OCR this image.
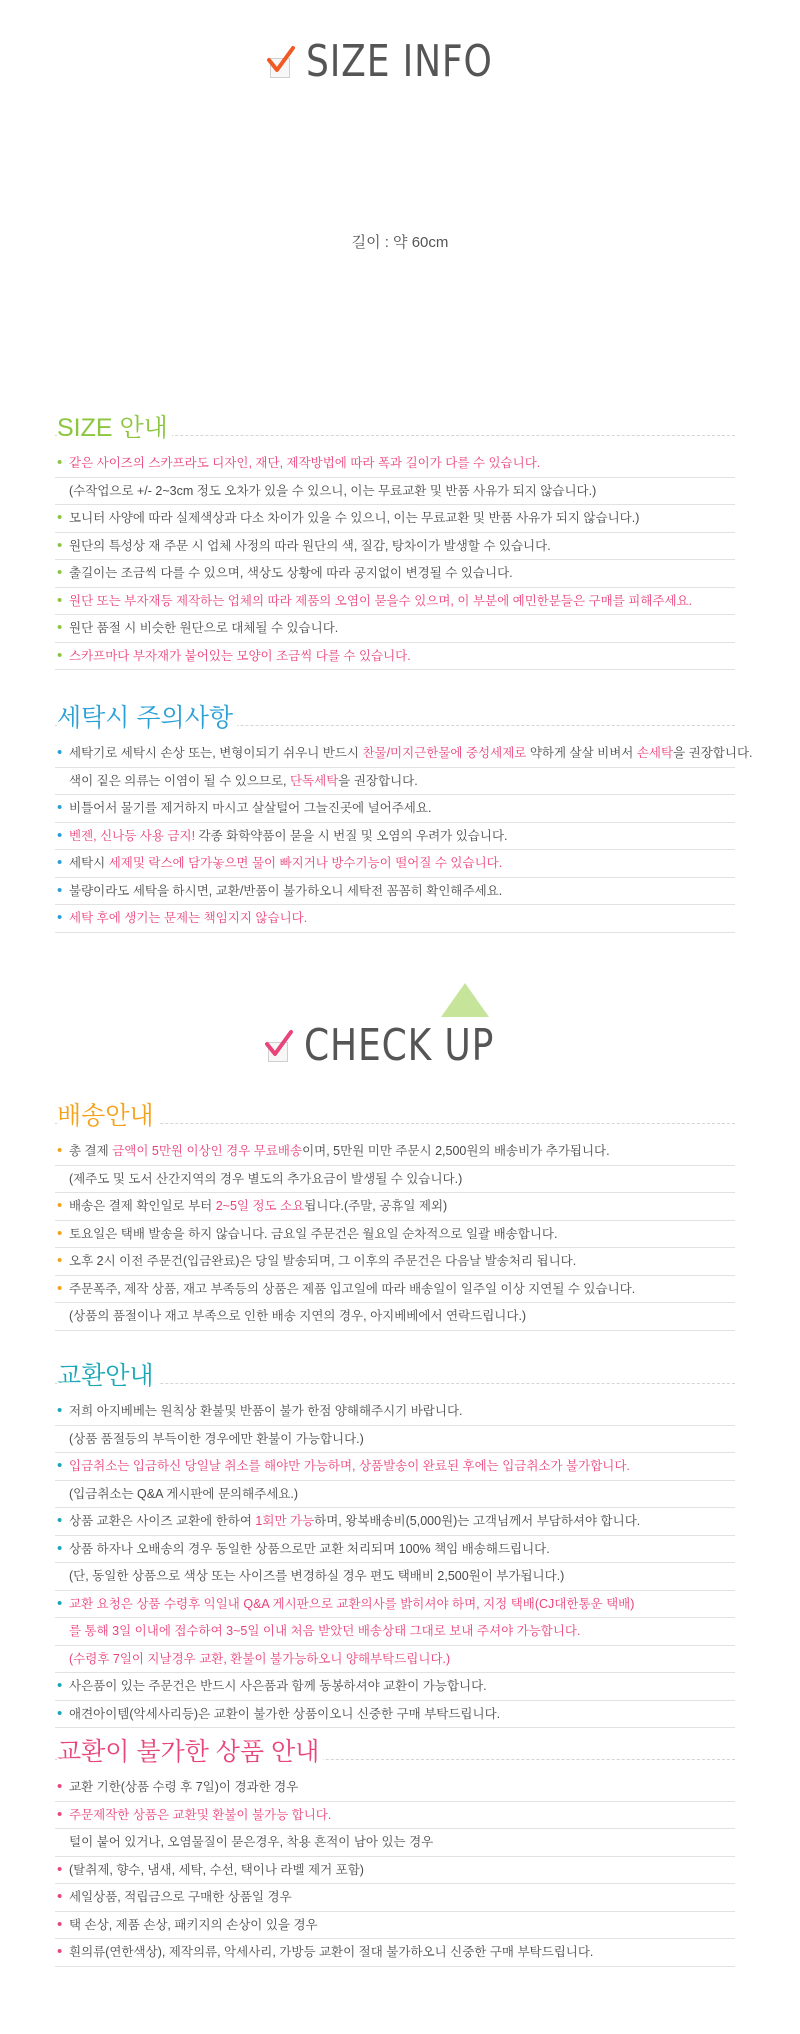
SIZE INFO
길이 : 약 60cm
SIZE 안내
• 같은 사이즈의 스카프라도 디자인, 재단, 제작방법에 따라 폭과 길이가 다를 수 있습니다.
(수작업으로 +/- 2~3cm 정도 오차가 있을 수 있으니, 이는 무료교환 및 반품 사유가 되지 않습니다.)
• 모니터 사양에 따라 실제색상과 다소 차이가 있을 수 있으니, 이는 무료교환 및 반품 사유가 되지 않습니다.)
• 원단의 특성상 재 주문 시 업체 사정의 따라 원단의 색, 질감, 탕차이가 발생할 수 있습니다.
• 출길이는 조금씩 다를 수 있으며, 색상도 상황에 따라 공지없이 변경될 수 있습니다.
• 원단 또는 부자재등 제작하는 업체의 따라 제품의 오염이 묻을수 있으며, 이 부분에 예민한분들은 구매를 피해주세요.
• 원단 품절 시 비슷한 원단으로 대체될 수 있습니다.
• 스카프마다 부자재가 붙어있는 모양이 조금씩 다를 수 있습니다.
세탁시 주의사항
• 세탁기로 세탁시 손상 또는, 변형이되기 쉬우니 반드시 찬물/미지근한물에 중성세제로 약하게 살살 비벼서 손세탁을 권장합니다.
색이 짙은 의류는 이염이 될 수 있으므로, 단독세탁을 권장합니다.
• 비틀어서 물기를 제거하지 마시고 살살털어 그늘진곳에 널어주세요.
• 벤젠, 신나등 사용 금지! 각종 화학약품이 묻을 시 번질 및 오염의 우려가 있습니다.
• 세탁시 세제및 락스에 담가놓으면 물이 빠지거나 방수기능이 떨어질 수 있습니다.
• 불량이라도 세탁을 하시면, 교환/반품이 불가하오니 세탁전 꼼꼼히 확인해주세요.
• 세탁 후에 생기는 문제는 책임지지 않습니다.
CHECK UP
배송안내
• 총 결제 금액이 5만원 이상인 경우 무료배송이며, 5만원 미만 주문시 2,500원의 배송비가 추가됩니다.
(제주도 및 도서 산간지역의 경우 별도의 추가요금이 발생될 수 있습니다.)
• 배송은 결제 확인일로 부터 2~5일 정도 소요됩니다.(주말, 공휴일 제외)
• 토요일은 택배 발송을 하지 않습니다. 금요일 주문건은 월요일 순차적으로 일괄 배송합니다.
• 오후 2시 이전 주문건(입금완료)은 당일 발송되며, 그 이후의 주문건은 다음날 발송처리 됩니다.
• 주문폭주, 제작 상품, 재고 부족등의 상품은 제품 입고일에 따라 배송일이 일주일 이상 지연될 수 있습니다.
(상품의 품절이나 재고 부족으로 인한 배송 지연의 경우, 아지베베에서 연락드립니다.)
교환안내
• 저희 아지베베는 원칙상 환불및 반품이 불가 한점 양해해주시기 바랍니다.
(상품 품절등의 부득이한 경우에만 환불이 가능합니다.)
• 입금취소는 입금하신 당일날 취소를 해야만 가능하며, 상품발송이 완료된 후에는 입금취소가 불가합니다.
(입금취소는 Q&A 게시판에 문의해주세요.)
• 상품 교환은 사이즈 교환에 한하여 1회만 가능하며, 왕복배송비(5,000원)는 고객님께서 부담하셔야 합니다.
• 상품 하자나 오배송의 경우 동일한 상품으로만 교환 처리되며 100% 책임 배송해드립니다.
(단, 동일한 상품으로 색상 또는 사이즈를 변경하실 경우 편도 택배비 2,500원이 부가됩니다.)
• 교환 요청은 상품 수령후 익일내 Q&A 게시판으로 교환의사를 밝히셔야 하며, 지정 택배(CJ대한통운 택배)
를 통해 3일 이내에 접수하여 3~5일 이내 처음 받았던 배송상태 그대로 보내 주셔야 가능합니다.
(수령후 7일이 지날경우 교환, 환불이 불가능하오니 양해부탁드립니다.)
• 사은품이 있는 주문건은 반드시 사은품과 함께 동봉하셔야 교환이 가능합니다.
• 애견아이템(악세사리등)은 교환이 불가한 상품이오니 신중한 구매 부탁드립니다.
교환이 불가한 상품 안내
• 교환 기한(상품 수령 후 7일)이 경과한 경우
• 주문제작한 상품은 교환및 환불이 불가능 합니다.
털이 붙어 있거나, 오염물질이 묻은경우, 착용 흔적이 남아 있는 경우
• (탈취제, 향수, 냄새, 세탁, 수선, 택이나 라벨 제거 포함)
• 세일상품, 적립금으로 구매한 상품일 경우
• 택 손상, 제품 손상, 패키지의 손상이 있을 경우
• 흰의류(연한색상), 제작의류, 악세사리, 가방등 교환이 절대 불가하오니 신중한 구매 부탁드립니다.
